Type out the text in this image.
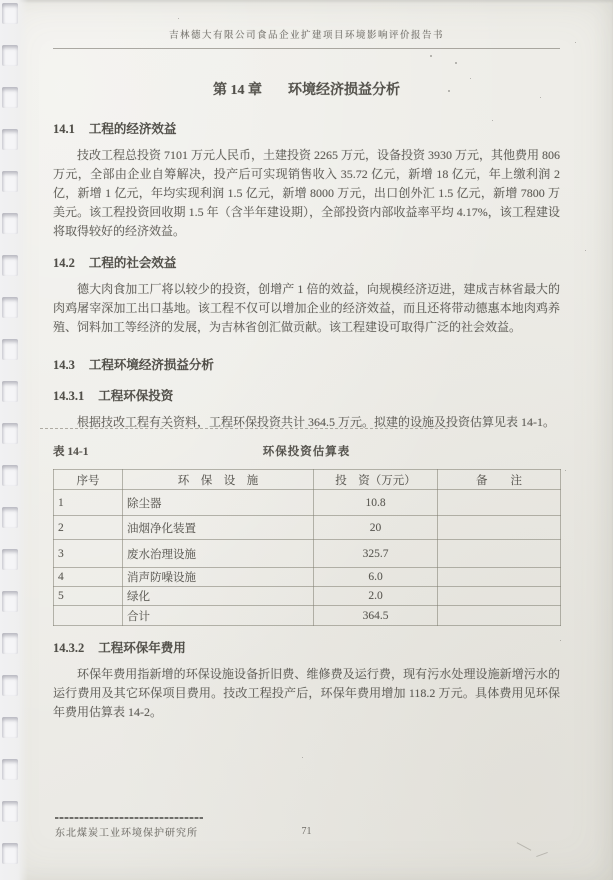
吉林德大有限公司食品企业扩建项目环境影响评价报告书
第 14 章 环境经济损益分析
14.1 工程的经济效益
技改工程总投资 7101 万元人民币，土建投资 2265 万元，设备投资 3930 万元，其他费用 806 万元，全部由企业自筹解决，投产后可实现销售收入 35.72 亿元，新增 18 亿元，年上缴利润 2 亿，新增 1 亿元，年均实现利润 1.5 亿元，新增 8000 万元，出口创外汇 1.5 亿元，新增 7800 万美元。该工程投资回收期 1.5 年（含半年建设期），全部投资内部收益率平均 4.17%，该工程建设将取得较好的经济效益。
14.2 工程的社会效益
德大肉食加工厂将以较少的投资，创增产 1 倍的效益，向规模经济迈进，建成吉林省最大的肉鸡屠宰深加工出口基地。该工程不仅可以增加企业的经济效益，而且还将带动德惠本地肉鸡养殖、饲料加工等经济的发展，为吉林省创汇做贡献。该工程建设可取得广泛的社会效益。
14.3 工程环境经济损益分析
14.3.1 工程环保投资
根据技改工程有关资料，工程环保投资共计 364.5 万元。拟建的设施及投资估算见表 14-1。
表 14-1	环保投资估算表
序号	环　保　设　施	投　资（万元）	备　　注
1	除尘器	10.8	
2	油烟净化装置	20	
3	废水治理设施	325.7	
4	消声防噪设施	6.0	
5	绿化	2.0	
	合计	364.5	
14.3.2 工程环保年费用
环保年费用指新增的环保设施设备折旧费、维修费及运行费，现有污水处理设施新增污水的运行费用及其它环保项目费用。技改工程投产后，环保年费用增加 118.2 万元。具体费用见环保年费用估算表 14-2。
东北煤炭工业环境保护研究所	71
